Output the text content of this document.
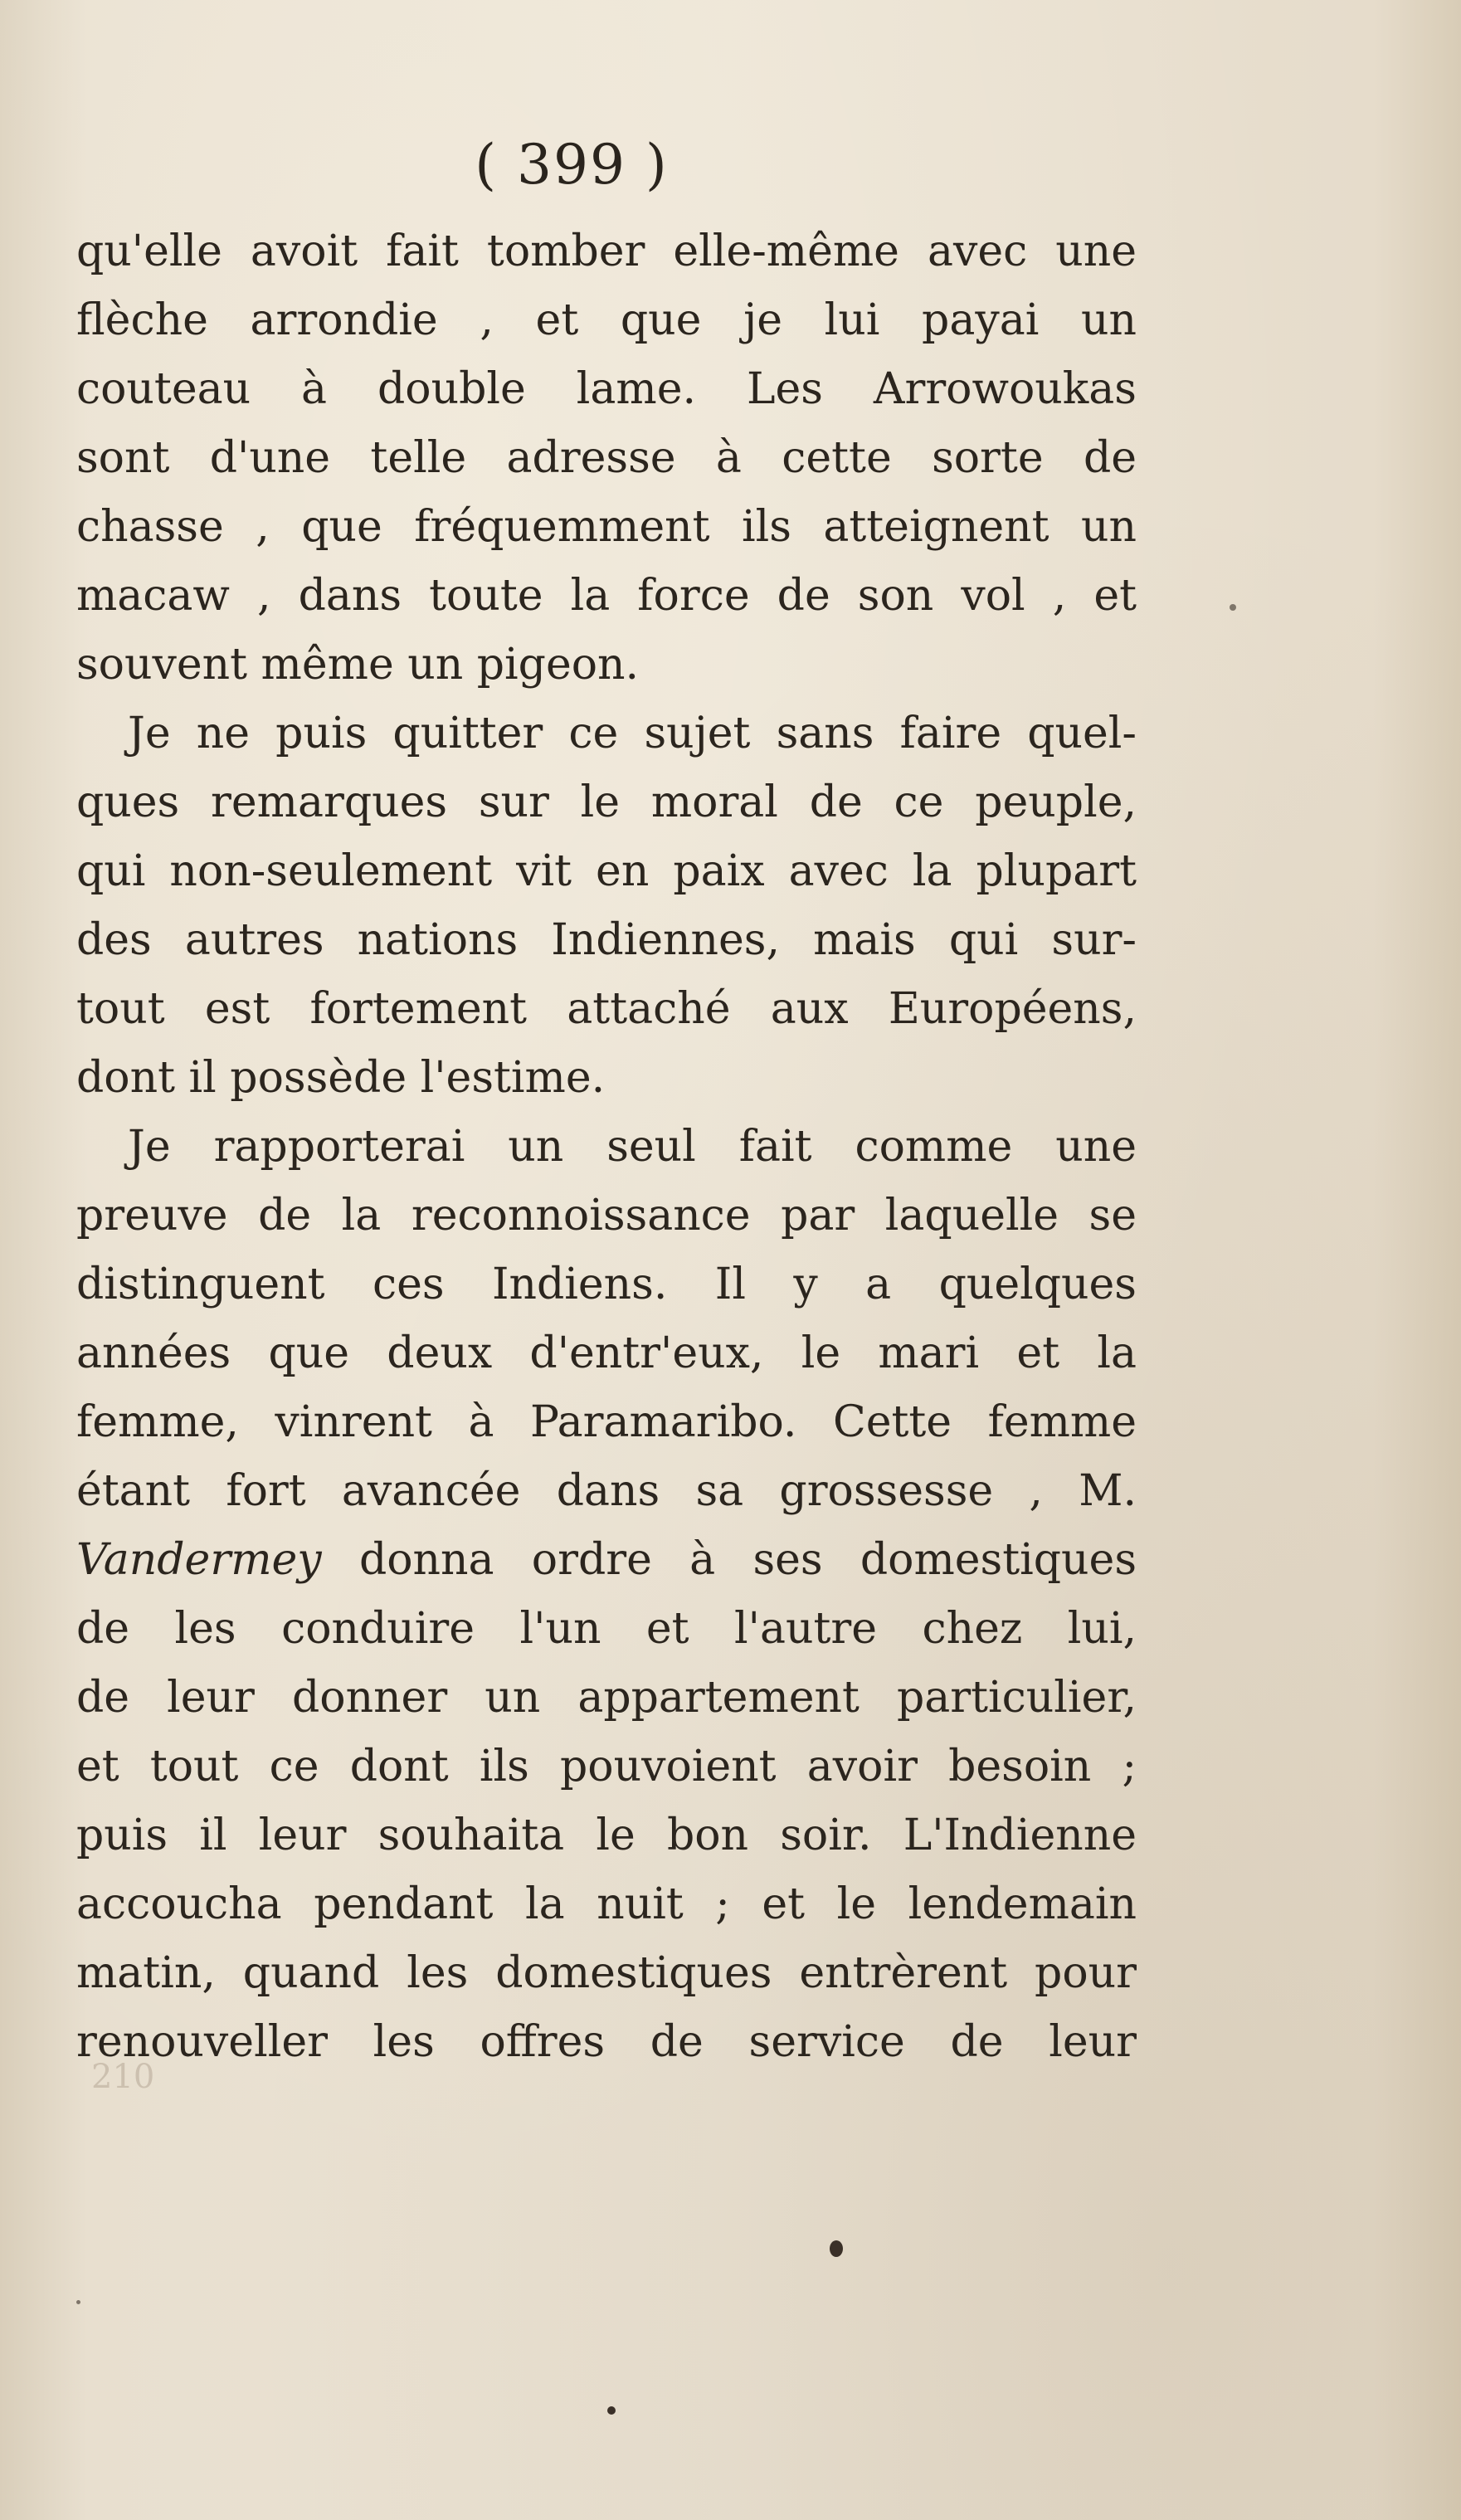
( 399 )
qu'elle avoit fait tomber elle-même avec une
flèche arrondie , et que je lui payai un
couteau à double lame. Les Arrowoukas
sont d'une telle adresse à cette sorte de
chasse , que fréquemment ils atteignent un
macaw , dans toute la force de son vol , et
souvent même un pigeon.
Je ne puis quitter ce sujet sans faire quel-
ques remarques sur le moral de ce peuple,
qui non-seulement vit en paix avec la plupart
des autres nations Indiennes, mais qui sur-
tout est fortement attaché aux Européens,
dont il possède l'estime.
Je rapporterai un seul fait comme une
preuve de la reconnoissance par laquelle se
distinguent ces Indiens. Il y a quelques
années que deux d'entr'eux, le mari et la
femme, vinrent à Paramaribo. Cette femme
étant fort avancée dans sa grossesse , M.
Vandermey donna ordre à ses domestiques
de les conduire l'un et l'autre chez lui,
de leur donner un appartement particulier,
et tout ce dont ils pouvoient avoir besoin ;
puis il leur souhaita le bon soir. L'Indienne
accoucha pendant la nuit ; et le lendemain
matin, quand les domestiques entrèrent pour
renouveller les offres de service de leur
210
